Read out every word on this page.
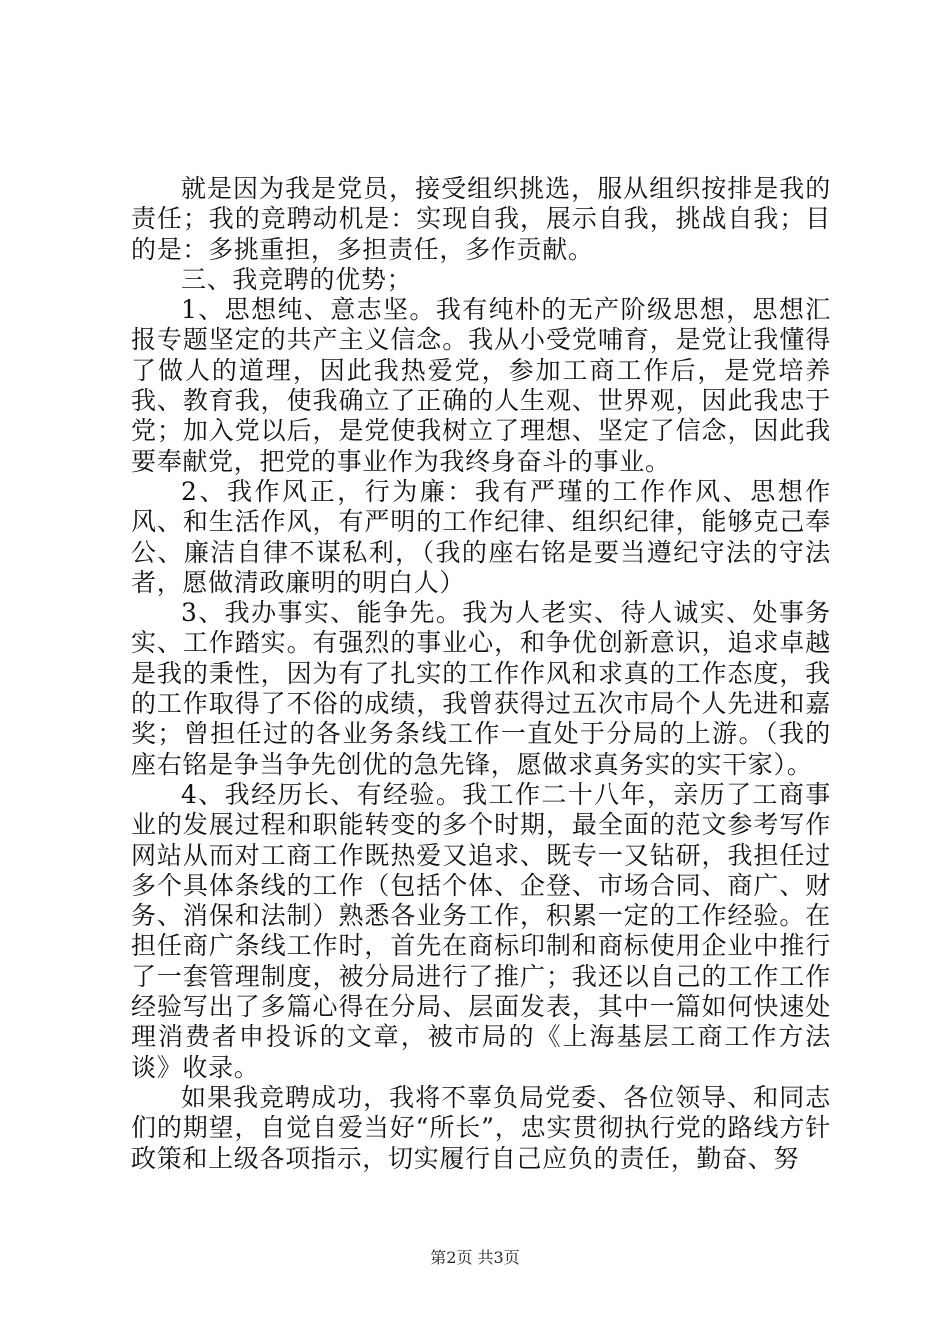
就是因为我是党员，接受组织挑选，服从组织按排是我的责任；我的竞聘动机是：实现自我，展示自我，挑战自我；目的是：多挑重担，多担责任，多作贡献。

三、我竞聘的优势；

1、思想纯、意志坚。我有纯朴的无产阶级思想，思想汇报专题坚定的共产主义信念。我从小受党哺育，是党让我懂得了做人的道理，因此我热爱党，参加工商工作后，是党培养我、教育我，使我确立了正确的人生观、世界观，因此我忠于党；加入党以后，是党使我树立了理想、坚定了信念，因此我要奉献党，把党的事业作为我终身奋斗的事业。

2、我作风正，行为廉：我有严瑾的工作作风、思想作风、和生活作风，有严明的工作纪律、组织纪律，能够克己奉公、廉洁自律不谋私利，（我的座右铭是要当遵纪守法的守法者，愿做清政廉明的明白人）

3、我办事实、能争先。我为人老实、待人诚实、处事务实、工作踏实。有强烈的事业心，和争优创新意识，追求卓越是我的秉性，因为有了扎实的工作作风和求真的工作态度，我的工作取得了不俗的成绩，我曾获得过五次市局个人先进和嘉奖；曾担任过的各业务条线工作一直处于分局的上游。（我的座右铭是争当争先创优的急先锋，愿做求真务实的实干家）。

4、我经历长、有经验。我工作二十八年，亲历了工商事业的发展过程和职能转变的多个时期，最全面的范文参考写作网站从而对工商工作既热爱又追求、既专一又钻研，我担任过多个具体条线的工作（包括个体、企登、市场合同、商广、财务、消保和法制）熟悉各业务工作，积累一定的工作经验。在担任商广条线工作时，首先在商标印制和商标使用企业中推行了一套管理制度，被分局进行了推广；我还以自己的工作工作经验写出了多篇心得在分局、层面发表，其中一篇如何快速处理消费者申投诉的文章，被市局的《上海基层工商工作方法谈》收录。

如果我竞聘成功，我将不辜负局党委、各位领导、和同志们的期望，自觉自爱当好“所长”，忠实贯彻执行党的路线方针政策和上级各项指示，切实履行自己应负的责任，勤奋、努

第2页 共3页
